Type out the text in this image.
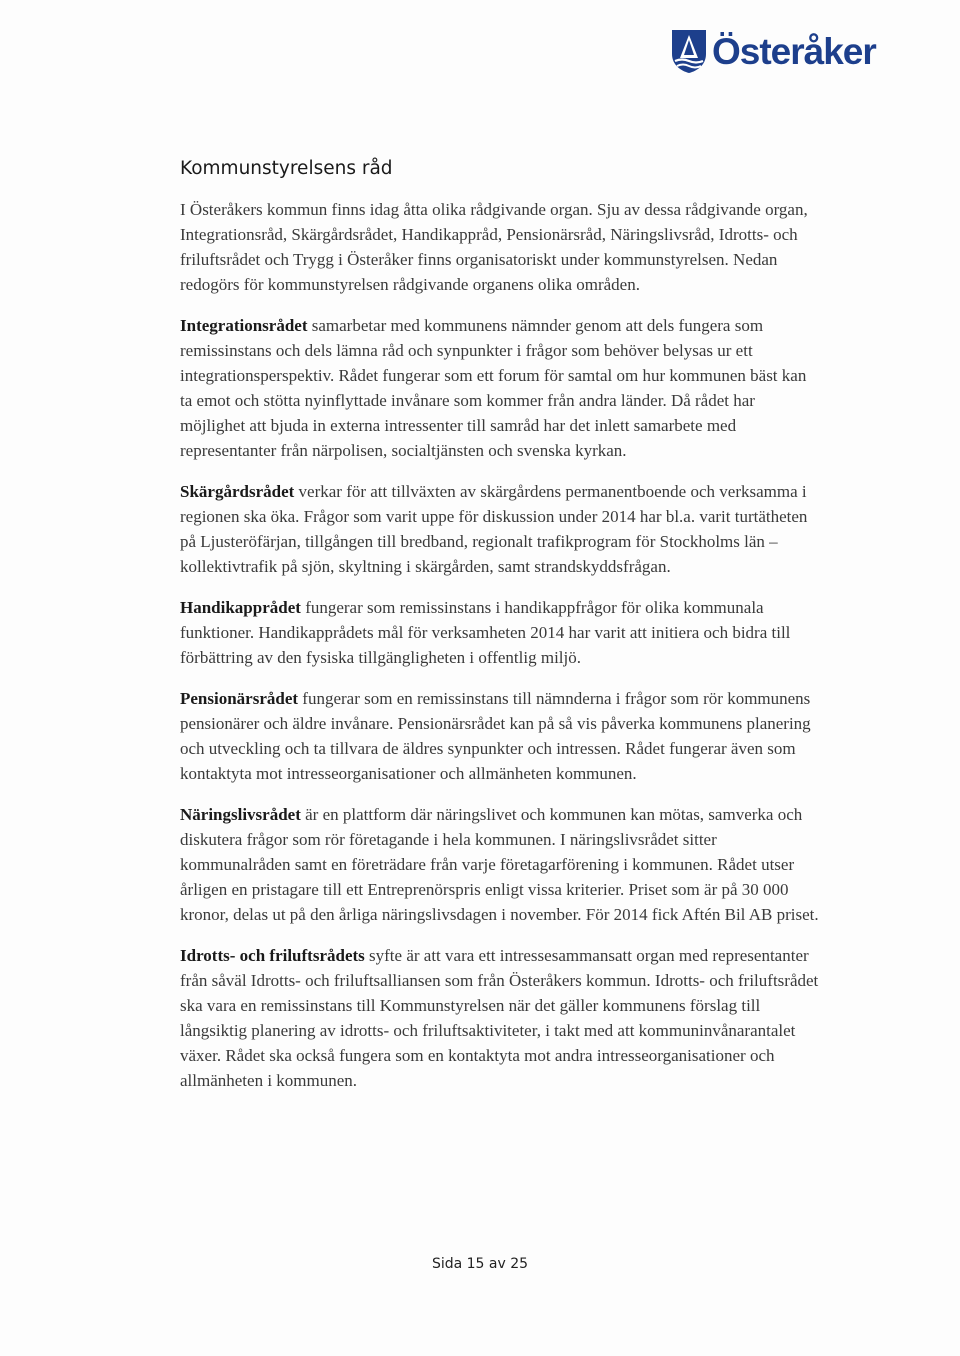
Österåker
Kommunstyrelsens råd

I Österåkers kommun finns idag åtta olika rådgivande organ. Sju av dessa rådgivande organ, Integrationsråd, Skärgårdsrådet, Handikappråd, Pensionärsråd, Näringslivsråd, Idrotts- och friluftsrådet och Trygg i Österåker finns organisatoriskt under kommunstyrelsen. Nedan redogörs för kommunstyrelsen rådgivande organens olika områden.

Integrationsrådet samarbetar med kommunens nämnder genom att dels fungera som remissinstans och dels lämna råd och synpunkter i frågor som behöver belysas ur ett integrationsperspektiv. Rådet fungerar som ett forum för samtal om hur kommunen bäst kan ta emot och stötta nyinflyttade invånare som kommer från andra länder. Då rådet har möjlighet att bjuda in externa intressenter till samråd har det inlett samarbete med representanter från närpolisen, socialtjänsten och svenska kyrkan.

Skärgårdsrådet verkar för att tillväxten av skärgårdens permanentboende och verksamma i regionen ska öka. Frågor som varit uppe för diskussion under 2014 har bl.a. varit turtätheten på Ljusteröfärjan, tillgången till bredband, regionalt trafikprogram för Stockholms län – kollektivtrafik på sjön, skyltning i skärgården, samt strandskyddsfrågan.

Handikapprådet fungerar som remissinstans i handikappfrågor för olika kommunala funktioner. Handikapprådets mål för verksamheten 2014 har varit att initiera och bidra till förbättring av den fysiska tillgängligheten i offentlig miljö.

Pensionärsrådet fungerar som en remissinstans till nämnderna i frågor som rör kommunens pensionärer och äldre invånare. Pensionärsrådet kan på så vis påverka kommunens planering och utveckling och ta tillvara de äldres synpunkter och intressen. Rådet fungerar även som kontaktyta mot intresseorganisationer och allmänheten kommunen.

Näringslivsrådet är en plattform där näringslivet och kommunen kan mötas, samverka och diskutera frågor som rör företagande i hela kommunen. I näringslivsrådet sitter kommunalråden samt en företrädare från varje företagarförening i kommunen. Rådet utser årligen en pristagare till ett Entreprenörspris enligt vissa kriterier. Priset som är på 30 000 kronor, delas ut på den årliga näringslivsdagen i november. För 2014 fick Aftén Bil AB priset.

Idrotts- och friluftsrådets syfte är att vara ett intressesammansatt organ med representanter från såväl Idrotts- och friluftsalliansen som från Österåkers kommun. Idrotts- och friluftsrådet ska vara en remissinstans till Kommunstyrelsen när det gäller kommunens förslag till långsiktig planering av idrotts- och friluftsaktiviteter, i takt med att kommuninvånarantalet växer. Rådet ska också fungera som en kontaktyta mot andra intresseorganisationer och allmänheten i kommunen.

Sida 15 av 25
